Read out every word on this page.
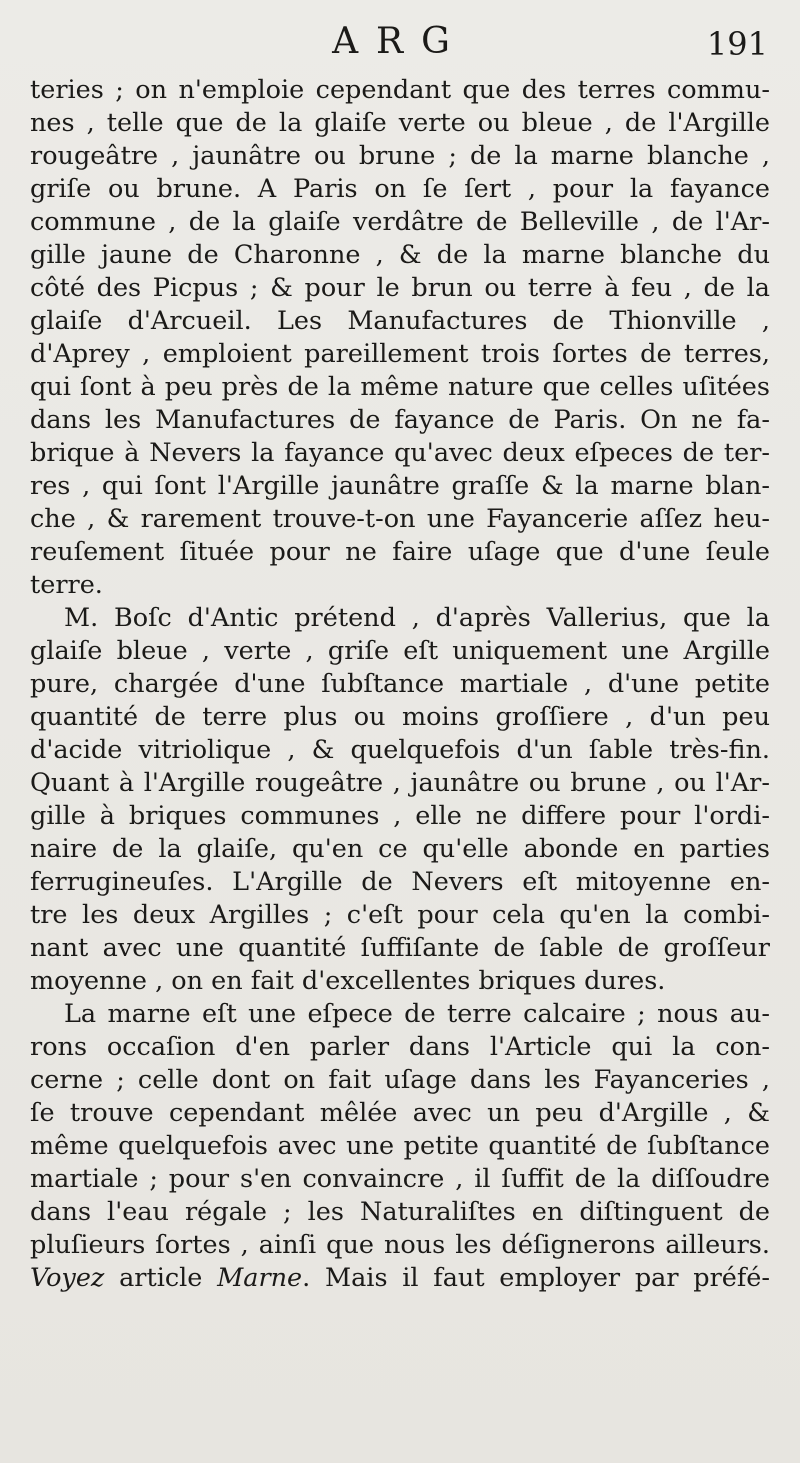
ARG	191
teries ; on n'emploie cependant que des terres commu-
nes , telle que de la glaiſe verte ou bleue , de l'Argille
rougeâtre , jaunâtre ou brune ; de la marne blanche ,
griſe ou brune. A Paris on ſe ſert , pour la fayance
commune , de la glaiſe verdâtre de Belleville , de l'Ar-
gille jaune de Charonne , & de la marne blanche du
côté des Picpus ; & pour le brun ou terre à feu , de la
glaiſe d'Arcueil. Les Manufactures de Thionville ,
d'Aprey , emploient pareillement trois ſortes de terres,
qui ſont à peu près de la même nature que celles uſitées
dans les Manufactures de fayance de Paris. On ne fa-
brique à Nevers la fayance qu'avec deux eſpeces de ter-
res , qui ſont l'Argille jaunâtre graſſe & la marne blan-
che , & rarement trouve-t-on une Fayancerie aſſez heu-
reuſement ſituée pour ne faire uſage que d'une ſeule
terre.
M. Boſc d'Antic prétend , d'après Vallerius, que la
glaiſe bleue , verte , griſe eſt uniquement une Argille
pure, chargée d'une ſubſtance martiale , d'une petite
quantité de terre plus ou moins groſſiere , d'un peu
d'acide vitriolique , & quelquefois d'un ſable très-fin.
Quant à l'Argille rougeâtre , jaunâtre ou brune , ou l'Ar-
gille à briques communes , elle ne differe pour l'ordi-
naire de la glaiſe, qu'en ce qu'elle abonde en parties
ferrugineuſes. L'Argille de Nevers eſt mitoyenne en-
tre les deux Argilles ; c'eſt pour cela qu'en la combi-
nant avec une quantité ſuffiſante de ſable de groſſeur
moyenne , on en fait d'excellentes briques dures.
La marne eſt une eſpece de terre calcaire ; nous au-
rons occaſion d'en parler dans l'Article qui la con-
cerne ; celle dont on fait uſage dans les Fayanceries ,
ſe trouve cependant mêlée avec un peu d'Argille , &
même quelquefois avec une petite quantité de ſubſtance
martiale ; pour s'en convaincre , il ſuffit de la diſſoudre
dans l'eau régale ; les Naturaliſtes en diſtinguent de
pluſieurs ſortes , ainſi que nous les déſignerons ailleurs.
Voyez article Marne. Mais il faut employer par préfé-
